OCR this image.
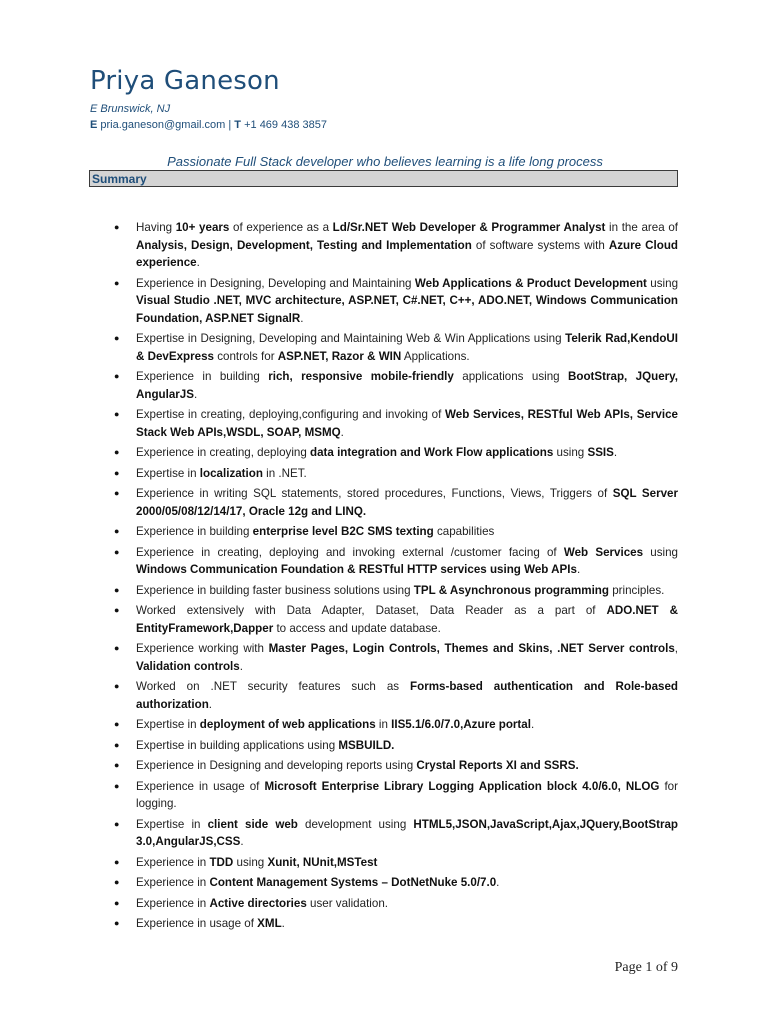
Priya Ganeson
E Brunswick, NJ
E pria.ganeson@gmail.com | T +1 469 438 3857
Passionate Full Stack developer who believes learning is a life long process
Summary
● Having 10+ years of experience as a Ld/Sr.NET Web Developer & Programmer Analyst in the area of Analysis, Design, Development, Testing and Implementation of software systems with Azure Cloud experience.
● Experience in Designing, Developing and Maintaining Web Applications & Product Development using Visual Studio .NET, MVC architecture, ASP.NET, C#.NET, C++, ADO.NET, Windows Communication Foundation, ASP.NET SignalR.
● Expertise in Designing, Developing and Maintaining Web & Win Applications using Telerik Rad,KendoUI & DevExpress controls for ASP.NET, Razor & WIN Applications.
● Experience in building rich, responsive mobile-friendly applications using BootStrap, JQuery, AngularJS.
● Expertise in creating, deploying,configuring and invoking of Web Services, RESTful Web APIs, Service Stack Web APIs,WSDL, SOAP, MSMQ.
● Experience in creating, deploying data integration and Work Flow applications using SSIS.
● Expertise in localization in .NET.
● Experience in writing SQL statements, stored procedures, Functions, Views, Triggers of SQL Server 2000/05/08/12/14/17, Oracle 12g and LINQ.
● Experience in building enterprise level B2C SMS texting capabilities
● Experience in creating, deploying and invoking external /customer facing of Web Services using Windows Communication Foundation & RESTful HTTP services using Web APIs.
● Experience in building faster business solutions using TPL & Asynchronous programming principles.
● Worked extensively with Data Adapter, Dataset, Data Reader as a part of ADO.NET & EntityFramework,Dapper to access and update database.
● Experience working with Master Pages, Login Controls, Themes and Skins, .NET Server controls, Validation controls.
● Worked on .NET security features such as Forms-based authentication and Role-based authorization.
● Expertise in deployment of web applications in IIS5.1/6.0/7.0,Azure portal.
● Expertise in building applications using MSBUILD.
● Experience in Designing and developing reports using Crystal Reports XI and SSRS.
● Experience in usage of Microsoft Enterprise Library Logging Application block 4.0/6.0, NLOG for logging.
● Expertise in client side web development using HTML5,JSON,JavaScript,Ajax,JQuery,BootStrap 3.0,AngularJS,CSS.
● Experience in TDD using Xunit, NUnit,MSTest
● Experience in Content Management Systems – DotNetNuke 5.0/7.0.
● Experience in Active directories user validation.
● Experience in usage of XML.
Page 1 of 9
